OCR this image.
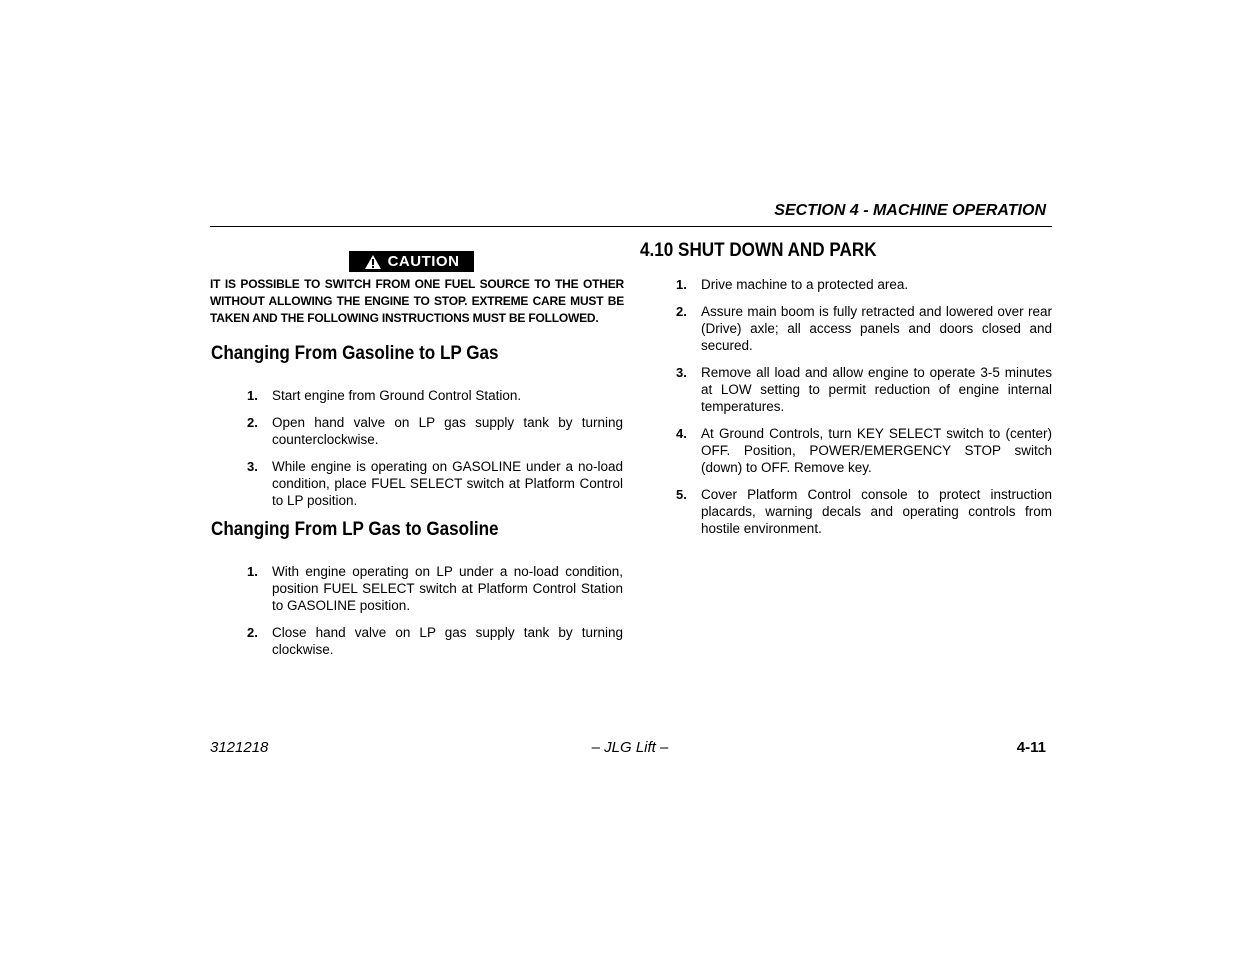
SECTION 4 - MACHINE OPERATION
CAUTION
IT IS POSSIBLE TO SWITCH FROM ONE FUEL SOURCE TO THE OTHER WITHOUT ALLOWING THE ENGINE TO STOP. EXTREME CARE MUST BE TAKEN AND THE FOLLOWING INSTRUCTIONS MUST BE FOLLOWED.
Changing From Gasoline to LP Gas
1. Start engine from Ground Control Station.
2. Open hand valve on LP gas supply tank by turning counterclockwise.
3. While engine is operating on GASOLINE under a no-load condition, place FUEL SELECT switch at Platform Control to LP position.
Changing From LP Gas to Gasoline
1. With engine operating on LP under a no-load condition, position FUEL SELECT switch at Platform Control Station to GASOLINE position.
2. Close hand valve on LP gas supply tank by turning clockwise.
4.10 SHUT DOWN AND PARK
1. Drive machine to a protected area.
2. Assure main boom is fully retracted and lowered over rear (Drive) axle; all access panels and doors closed and secured.
3. Remove all load and allow engine to operate 3-5 minutes at LOW setting to permit reduction of engine internal temperatures.
4. At Ground Controls, turn KEY SELECT switch to (center) OFF. Position, POWER/EMERGENCY STOP switch (down) to OFF. Remove key.
5. Cover Platform Control console to protect instruction placards, warning decals and operating controls from hostile environment.
3121218	– JLG Lift –	4-11
